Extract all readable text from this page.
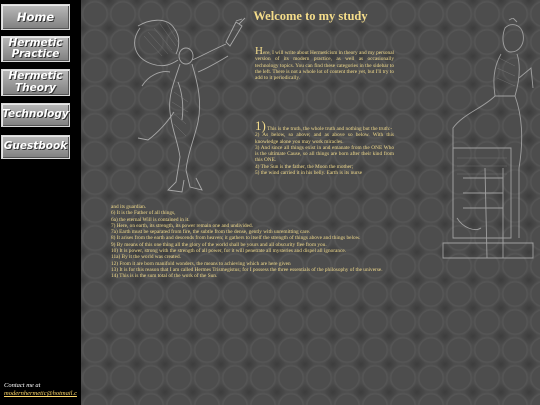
Home
Hermetic Practice
Hermetic Theory
Technology
Guestbook
Contact me at
modernhermetic@hotmail.c
Welcome to my study
Here, I will write about Hermeticism in theory and my personal version of its modern practice, as well as occasionally technology topics. You can find these categories in the sidebar to the left. There is not a whole lot of content there yet, but I'll try to add to it periodically.
1) This is the truth, the whole truth and nothing but the truth:-

2) As below, so above; and as above so below. With this knowledge alone you may work miracles.
3) And since all things exist in and emanate from the ONE Who is the ultimate Cause, so all things are born after their kind from this ONE.
4) The Sun is the father, the Moon the mother;
5) the wind carried it in his belly. Earth is its nurse
and its guardian.
6) It is the Father of all things,
6a) the eternal Will is contained in it.
7) Here, on earth, its strength, its power remain one and undivided.
7a) Earth must be separated from fire, the subtle from the dense, gently with unremitting care.
8) It arises from the earth and descends from heaven; it gathers to itself the strength of things above and things below.
9) By means of this one thing all the glory of the world shall be yours and all obscurity flee from you.
10) It is power, strong with the strength of all power, for it will penetrate all mysteries and dispel all ignorance.
11a) By it the world was created.
12) From it are born manifold wonders, the means to achieving which are here given
13) It is for this reason that I am called Hermes Trismegistus; for I possess the three essentials of the philosophy of the universe.
14) This is is the sum total of the work of the Sun.
